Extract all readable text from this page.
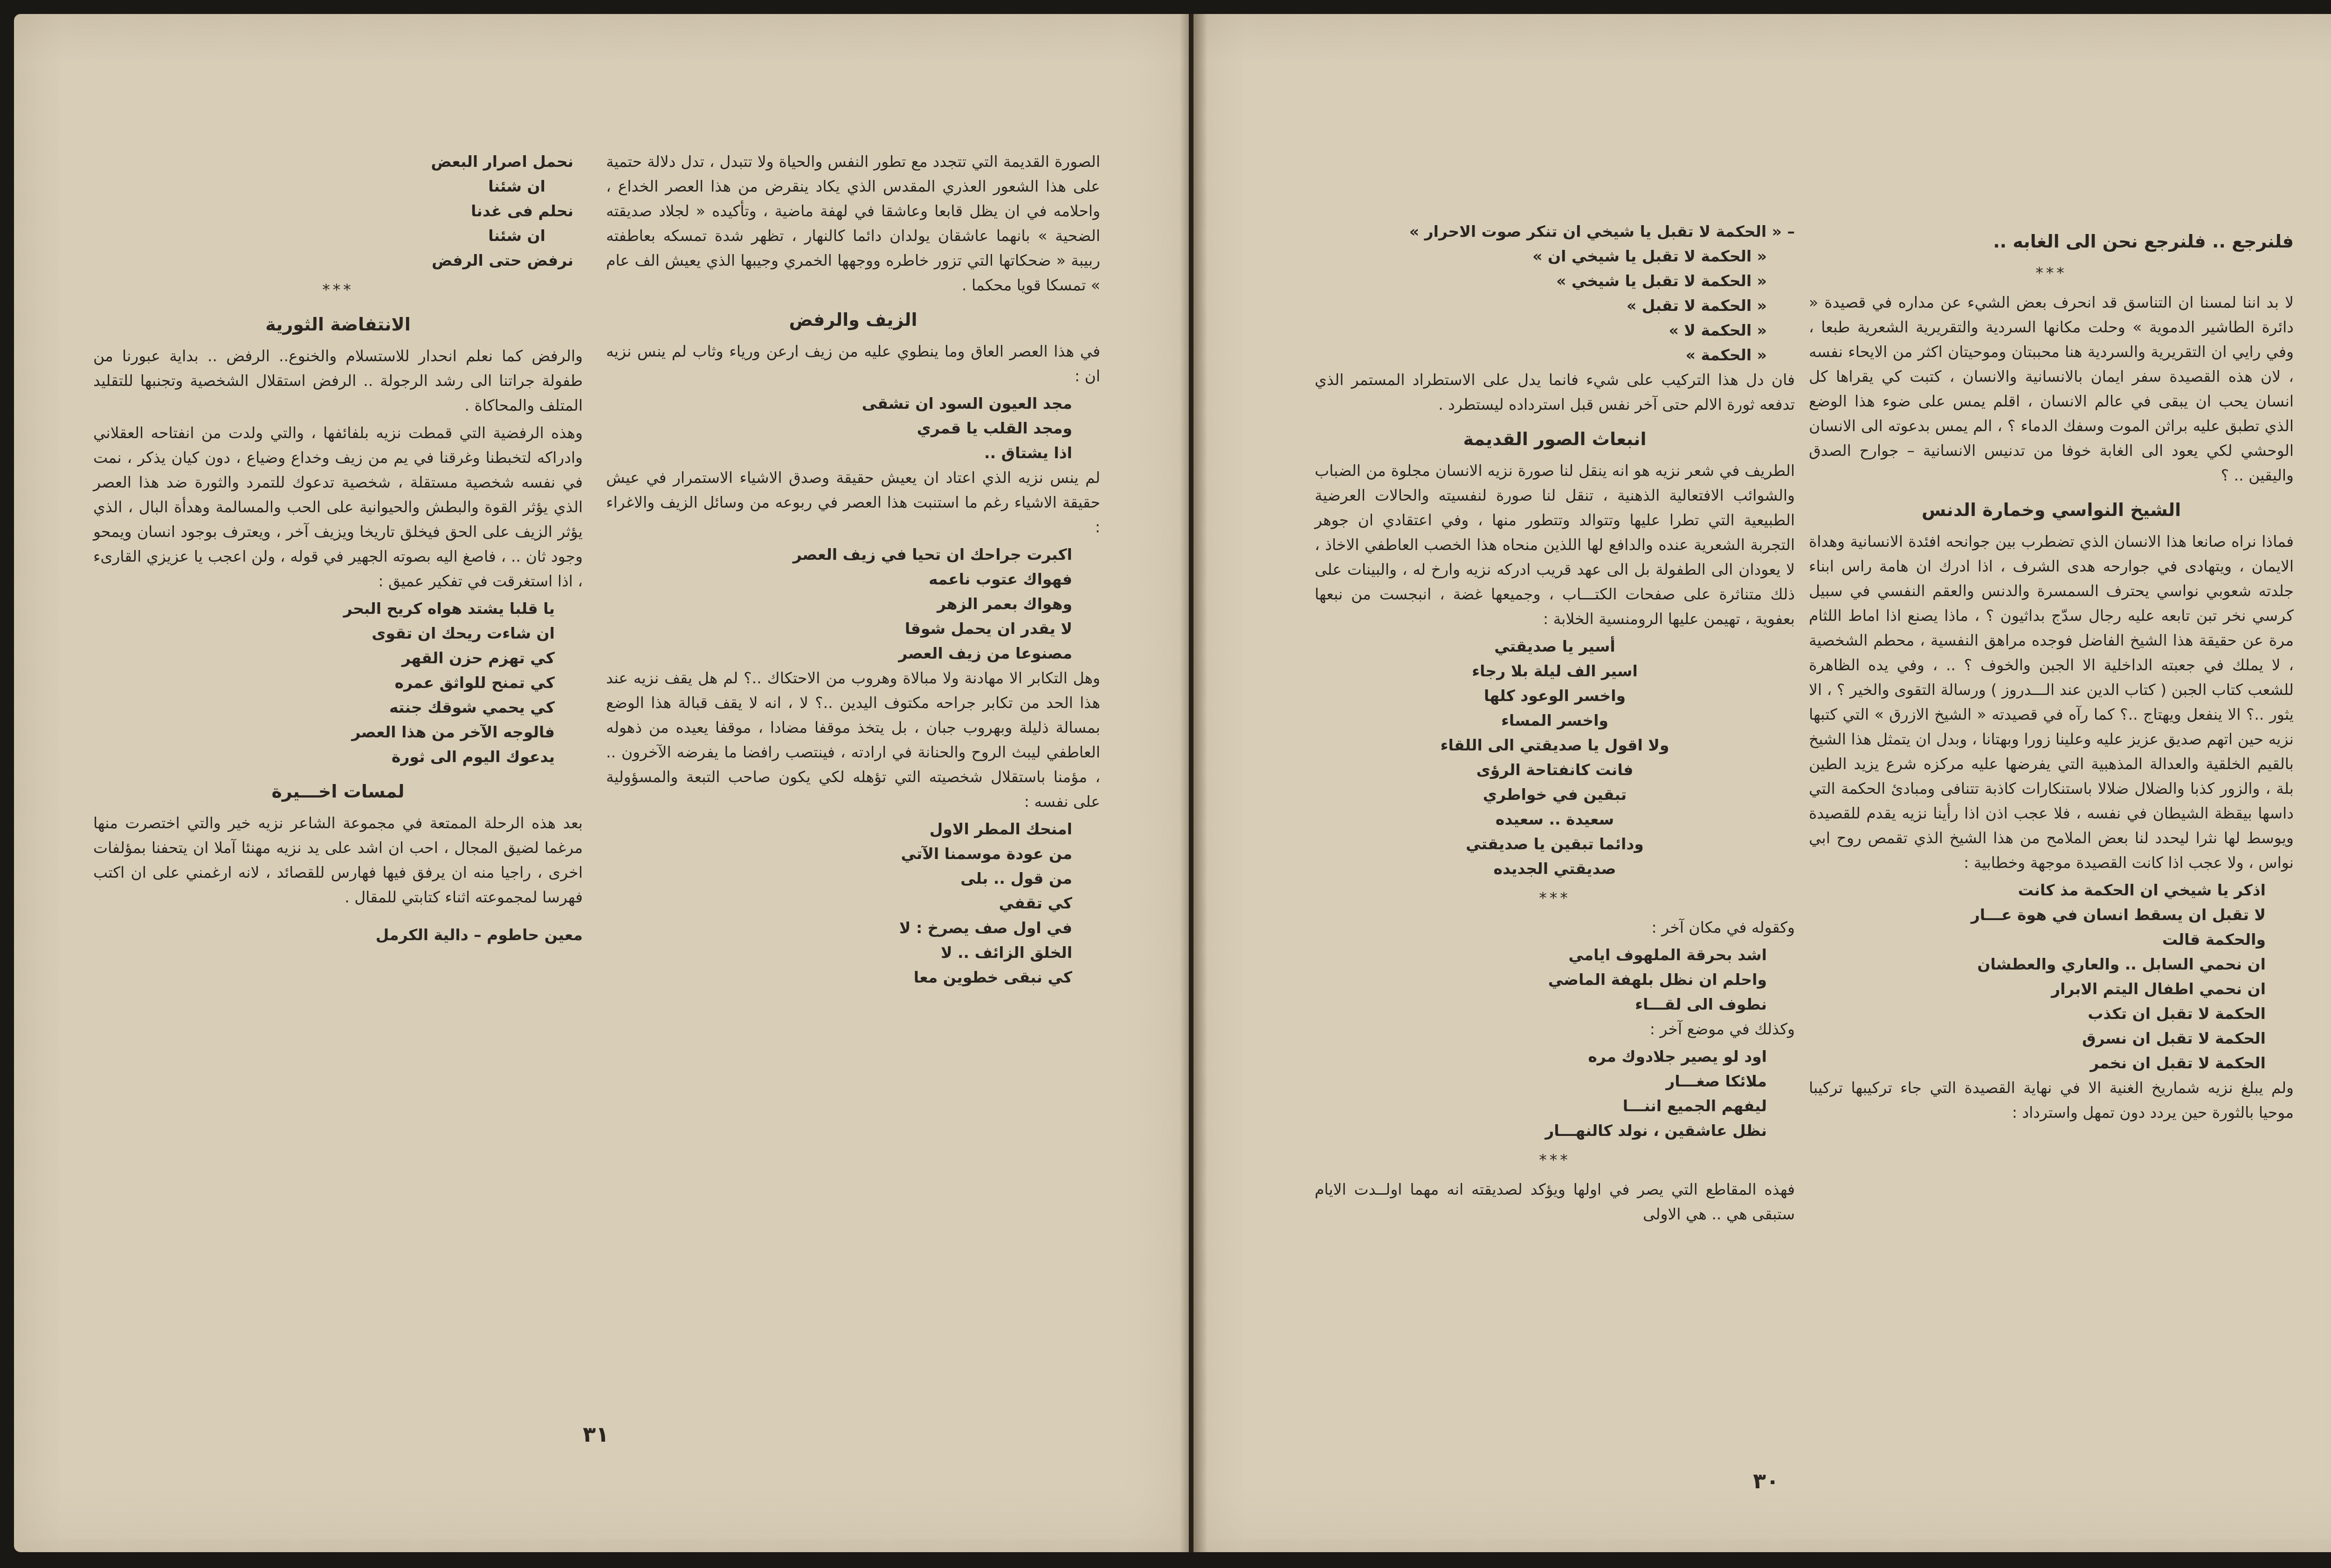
نحمل اصرار البعض

ان شئنا

نحلم فى غدنا

ان شئنا

نرفض حتى الرفض

***

الانتفاضة الثورية

والرفض كما نعلم انحدار للاستسلام والخنوع.. الرفض .. بداية عبورنا من طفولة جراتنا الى رشد الرجولة .. الرفض استقلال الشخصية وتجنبها للتقليد المتلف والمحاكاة .

وهذه الرفضية التي قمطت نزيه بلفائفها ، والتي ولدت من انفتاحه العقلاني وادراكه لتخبطنا وغرقنا في يم من زيف وخداع وضياع ، دون كيان يذكر ، نمت في نفسه شخصية مستقلة ، شخصية تدعوك للتمرد والثورة ضد هذا العصر الذي يؤثر القوة والبطش والحيوانية على الحب والمسالمة وهدأة البال ، الذي يؤثر الزيف على الحق فيخلق تاريخا ويزيف آخر ، ويعترف بوجود انسان ويمحو وجود ثان .. ، فاصغ اليه بصوته الجهير في قوله ، ولن اعجب يا عزيزي القارىء ، اذا استغرقت في تفكير عميق :

يا قلبا يشتد هواه كريح البحر

ان شاءت ريحك ان تقوى

كي تهزم حزن القهر

كي تمنح للواثق عمره

كي يحمي شوقك جنته

فالوجه الآخر من هذا العصر

يدعوك اليوم الى ثورة

لمسات اخـــيرة

بعد هذه الرحلة الممتعة في مجموعة الشاعر نزيه خير والتي اختصرت منها مرغما لضيق المجال ، احب ان اشد على يد نزيه مهنئا آملا ان يتحفنا بمؤلفات اخرى ، راجيا منه ان يرفق فيها فهارس للقصائد ، لانه ارغمني على ان اكتب فهرسا لمجموعته اثناء كتابتي للمقال .

معين حاطوم – دالية الكرمل

الصورة القديمة التي تتجدد مع تطور النفس والحياة ولا تتبدل ، تدل دلالة حتمية على هذا الشعور العذري المقدس الذي يكاد ينقرض من هذا العصر الخداع ، واحلامه في ان يظل قابعا وعاشقا في لهفة ماضية ، وتأكيده « لجلاد صديقته الضحية » بانهما عاشقان يولدان دائما كالنهار ، تظهر شدة تمسكه بعاطفته ربيبة « ضحكاتها التي تزور خاطره ووجهها الخمري وجيبها الذي يعيش الف عام » تمسكا قويا محكما .

الزيف والرفض

في هذا العصر العاق وما ينطوي عليه من زيف ارعن ورياء وثاب لم ينس نزيه ان :

مجد العيون السود ان تشقى

ومجد القلب يا قمري

اذا يشتاق ..

لم ينس نزيه الذي اعتاد ان يعيش حقيقة وصدق الاشياء الاستمرار في عيش حقيقة الاشياء رغم ما استنبت هذا العصر في ربوعه من وسائل الزيف والاغراء :

اكبرت جراحك ان تحيا في زيف العصر

فهواك عتوب ناعمه

وهواك بعمر الزهر

لا يقدر ان يحمل شوقا

مصنوعا من زيف العصر

وهل التكابر الا مهادنة ولا مبالاة وهروب من الاحتكاك ..؟ لم هل يقف نزيه عند هذا الحد من تكابر جراحه مكتوف اليدين ..؟ لا ، انه لا يقف قبالة هذا الوضع بمسالة ذليلة وبهروب جبان ، بل يتخذ موقفا مضادا ، موقفا يعيده من ذهوله العاطفي ليبث الروح والحنانة في ارادته ، فينتصب رافضا ما يفرضه الآخرون .. ، مؤمنا باستقلال شخصيته التي تؤهله لكي يكون صاحب التبعة والمسؤولية على نفسه :

امنحك المطر الاول

من عودة موسمنا الآتي

من قول .. بلى

كي تقفي

في اول صف يصرخ : لا

الخلق الزائف .. لا

كي نبقى خطوين معا

٣١

– « الحكمة لا تقبل يا شيخي ان تنكر صوت الاحرار »

« الحكمة لا تقبل يا شيخي ان »

« الحكمة لا تقبل يا شيخي »

« الحكمة لا تقبل »

« الحكمة لا »

« الحكمة »

فان دل هذا التركيب على شيء فانما يدل على الاستطراد المستمر الذي تدفعه ثورة الالم حتى آخر نفس قبل استرداده ليستطرد .

انبعاث الصور القديمة

الطريف في شعر نزيه هو انه ينقل لنا صورة نزيه الانسان مجلوة من الضباب والشوائب الافتعالية الذهنية ، تنقل لنا صورة لنفسيته والحالات العرضية الطبيعية التي تطرا عليها وتتوالد وتتطور منها ، وفي اعتقادي ان جوهر التجربة الشعرية عنده والدافع لها اللذين منحاه هذا الخصب العاطفي الاخاذ ، لا يعودان الى الطفولة بل الى عهد قريب ادركه نزيه وارخ له ، والبينات على ذلك متناثرة على صفحات الكتـــاب ، وجميعها غضة ، انبجست من نبعها بعفوية ، تهيمن عليها الرومنسية الخلابة :

أسير يا صديقتي

اسير الف ليلة بلا رجاء

واخسر الوعود كلها

واخسر المساء

ولا اقول يا صديقتي الى اللقاء

فانت كانفتاحة الرؤى

تبقين في خواطري

سعيدة .. سعيده

ودائما تبقين يا صديقتي

صديقتي الجديده

***

وكقوله في مكان آخر :

اشد بحرقة الملهوف ايامي

واحلم ان نظل بلهفة الماضي

نطوف الى لقـــاء

وكذلك في موضع آخر :

اود لو يصير جلادوك مره

ملائكا صغـــار

ليفهم الجميع اننـــا

نظل عاشقين ، نولد كالنهـــار

***

فهذه المقاطع التي يصر في اولها ويؤكد لصديقته انه مهما اولــدت الايام ستبقى هي .. هي الاولى

فلنرجع .. فلنرجع نحن الى الغابه ..

***

لا بد اننا لمسنا ان التناسق قد انحرف بعض الشيء عن مداره في قصيدة « دائرة الطاشير الدموية » وحلت مكانها السردية والتقريرية الشعرية طبعا ، وفي رايي ان التقريرية والسردية هنا محببتان وموحيتان اكثر من الايحاء نفسه ، لان هذه القصيدة سفر ايمان بالانسانية والانسان ، كتبت كي يقراها كل انسان يحب ان يبقى في عالم الانسان ، اقلم يمس على ضوء هذا الوضع الذي تطبق عليه براثن الموت وسفك الدماء ؟ ، الم يمس بدعوته الى الانسان الوحشي لكي يعود الى الغابة خوفا من تدنيس الانسانية – جوارح الصدق واليقين .. ؟

الشيخ النواسي وخمارة الدنس

فماذا نراه صانعا هذا الانسان الذي تضطرب بين جوانحه افئدة الانسانية وهداة الايمان ، ويتهادى في جوارحه هدى الشرف ، اذا ادرك ان هامة راس ابناء جلدته شعوبي نواسي يحترف السمسرة والدنس والعقم النفسي في سبيل كرسي نخر تبن تابعه عليه رجال سدّج بداثيون ؟ ، ماذا يصنع اذا اماط اللثام مرة عن حقيقة هذا الشيخ الفاضل فوجده مراهق النفسية ، محطم الشخصية ، لا يملك في جعبته الداخلية الا الجبن والخوف ؟ .. ، وفي يده الظاهرة للشعب كتاب الجبن ( كتاب الدين عند الـــدروز ) ورسالة التقوى والخير ؟ ، الا يثور ..؟ الا ينفعل ويهتاج ..؟ كما رآه في قصيدته « الشيخ الازرق » التي كتبها نزيه حين اتهم صديق عزيز عليه وعلينا زورا وبهتانا ، وبدل ان يتمثل هذا الشيخ بالقيم الخلقية والعدالة المذهبية التي يفرضها عليه مركزه شرع يزيد الطين بلة ، والزور كذبا والضلال ضلالا باستنكارات كاذبة تتنافى ومبادئ الحكمة التي داسها بيقظة الشيطان في نفسه ، فلا عجب اذن اذا رأينا نزيه يقدم للقصيدة ويوسط لها نثرا ليحدد لنا بعض الملامح من هذا الشيخ الذي تقمص روح ابي نواس ، ولا عجب اذا كانت القصيدة موجهة وخطابية :

اذكر يا شيخي ان الحكمة مذ كانت

لا تقبل ان يسقط انسان في هوة عـــار

والحكمة قالت

ان نحمي السابل .. والعاري والعطشان

ان نحمي اطفال اليتم الابرار

الحكمة لا تقبل ان تكذب

الحكمة لا تقبل ان نسرق

الحكمة لا تقبل ان نخمر

ولم يبلغ نزيه شماريخ الغنية الا في نهاية القصيدة التي جاء تركيبها تركيبا موحيا بالثورة حين يردد دون تمهل واسترداد :

٣٠
